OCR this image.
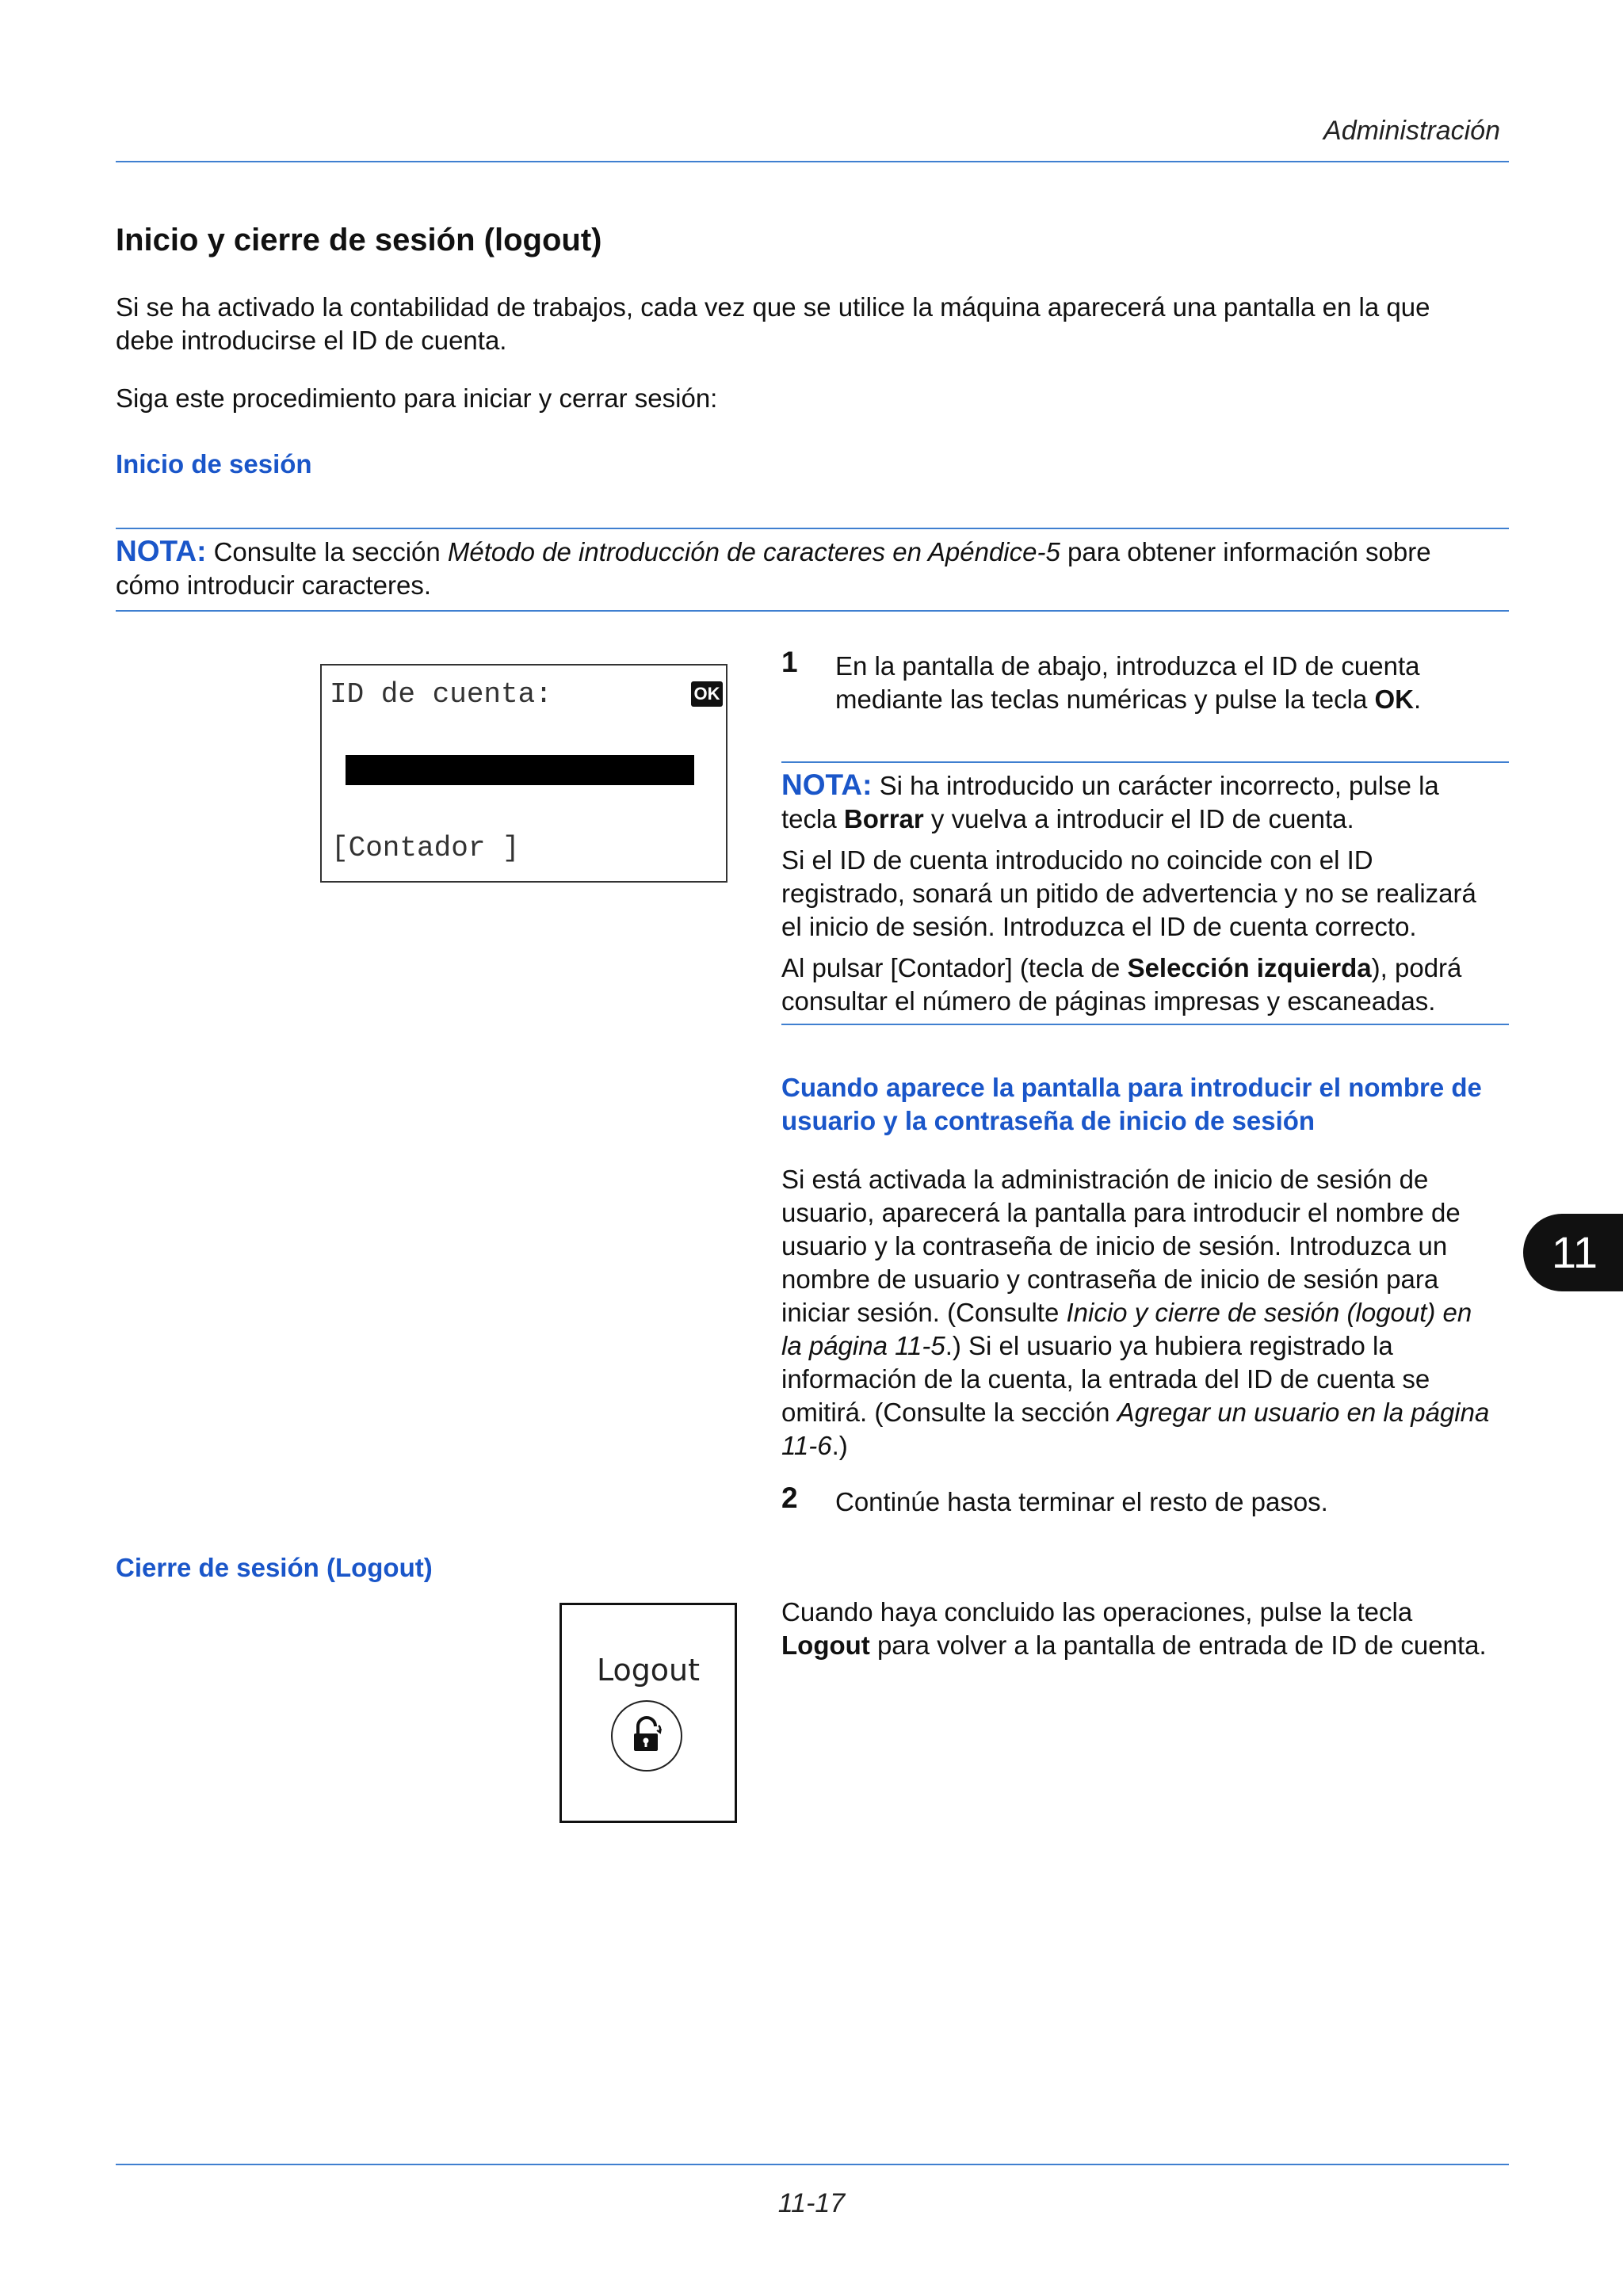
Administración
Inicio y cierre de sesión (logout)
Si se ha activado la contabilidad de trabajos, cada vez que se utilice la máquina aparecerá una pantalla en la que
debe introducirse el ID de cuenta.
Siga este procedimiento para iniciar y cerrar sesión:
Inicio de sesión
NOTA: Consulte la sección Método de introducción de caracteres en Apéndice-5 para obtener información sobre
cómo introducir caracteres.
ID de cuenta:	OK
[Contador ]
1 En la pantalla de abajo, introduzca el ID de cuenta
mediante las teclas numéricas y pulse la tecla OK.
NOTA: Si ha introducido un carácter incorrecto, pulse la
tecla Borrar y vuelva a introducir el ID de cuenta.
Si el ID de cuenta introducido no coincide con el ID
registrado, sonará un pitido de advertencia y no se realizará
el inicio de sesión. Introduzca el ID de cuenta correcto.
Al pulsar [Contador] (tecla de Selección izquierda), podrá
consultar el número de páginas impresas y escaneadas.
Cuando aparece la pantalla para introducir el nombre de
usuario y la contraseña de inicio de sesión
Si está activada la administración de inicio de sesión de
usuario, aparecerá la pantalla para introducir el nombre de
usuario y la contraseña de inicio de sesión. Introduzca un
nombre de usuario y contraseña de inicio de sesión para
iniciar sesión. (Consulte Inicio y cierre de sesión (logout) en
la página 11-5.) Si el usuario ya hubiera registrado la
información de la cuenta, la entrada del ID de cuenta se
omitirá. (Consulte la sección Agregar un usuario en la página
11-6.)
11
2 Continúe hasta terminar el resto de pasos.
Cierre de sesión (Logout)
Logout
Cuando haya concluido las operaciones, pulse la tecla
Logout para volver a la pantalla de entrada de ID de cuenta.
11-17
